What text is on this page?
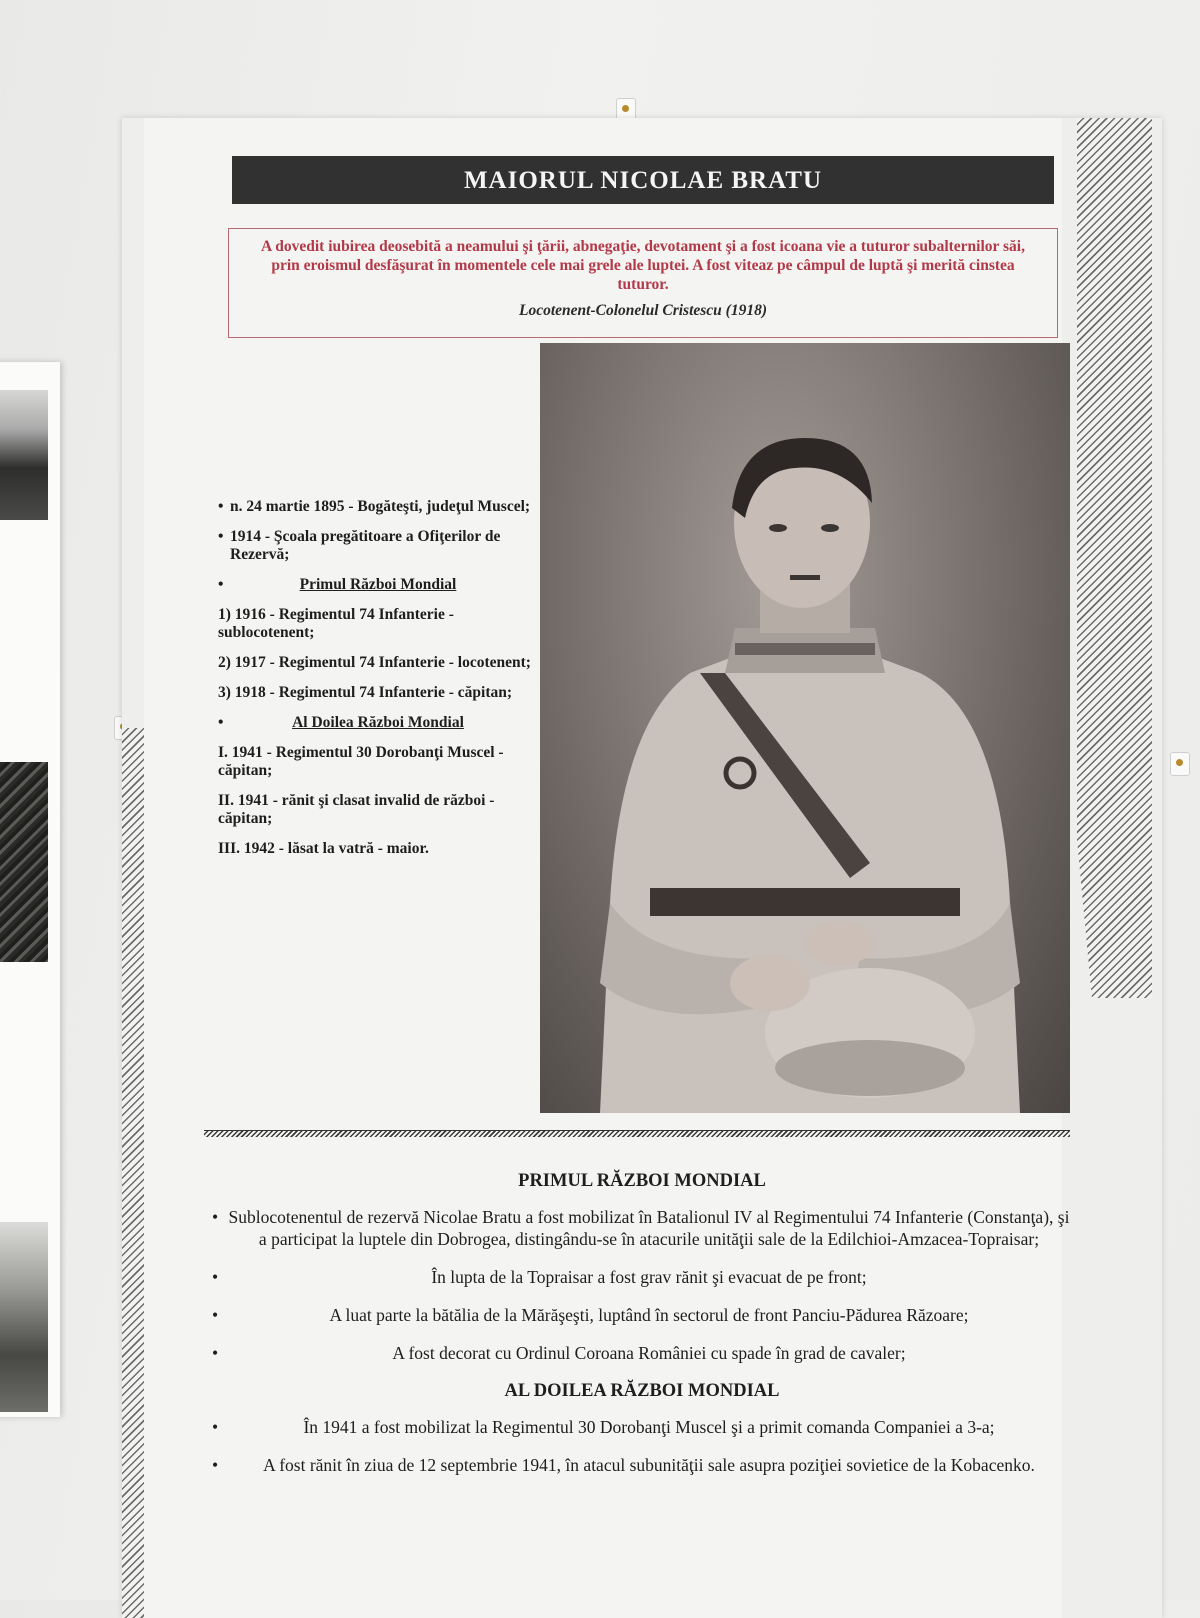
MAIORUL NICOLAE BRATU
A dovedit iubirea deosebită a neamului şi ţării, abnegaţie, devotament şi a fost icoana vie a tuturor subalternilor săi, prin eroismul desfăşurat în momentele cele mai grele ale luptei. A fost viteaz pe câmpul de luptă şi merită cinstea tuturor.
Locotenent-Colonelul Cristescu (1918)
• n. 24 martie 1895 - Bogăteşti, judeţul Muscel;
• 1914 - Şcoala pregătitoare a Ofiţerilor de Rezervă;
• Primul Război Mondial
1) 1916 - Regimentul 74 Infanterie - sublocotenent;
2) 1917 - Regimentul 74 Infanterie - locotenent;
3) 1918 - Regimentul 74 Infanterie - căpitan;
• Al Doilea Război Mondial
I. 1941 - Regimentul 30 Dorobanţi Muscel - căpitan;
II. 1941 - rănit şi clasat invalid de război - căpitan;
III. 1942 - lăsat la vatră - maior.
PRIMUL RĂZBOI MONDIAL
• Sublocotenentul de rezervă Nicolae Bratu a fost mobilizat în Batalionul IV al Regimentului 74 Infanterie (Constanţa), şi a participat la luptele din Dobrogea, distingându-se în atacurile unităţii sale de la Edilchioi-Amzacea-Topraisar;
• În lupta de la Topraisar a fost grav rănit şi evacuat de pe front;
• A luat parte la bătălia de la Mărăşeşti, luptând în sectorul de front Panciu-Pădurea Răzoare;
• A fost decorat cu Ordinul Coroana României cu spade în grad de cavaler;
AL DOILEA RĂZBOI MONDIAL
• În 1941 a fost mobilizat la Regimentul 30 Dorobanţi Muscel şi a primit comanda Companiei a 3-a;
• A fost rănit în ziua de 12 septembrie 1941, în atacul subunităţii sale asupra poziţiei sovietice de la Kobacenko.
